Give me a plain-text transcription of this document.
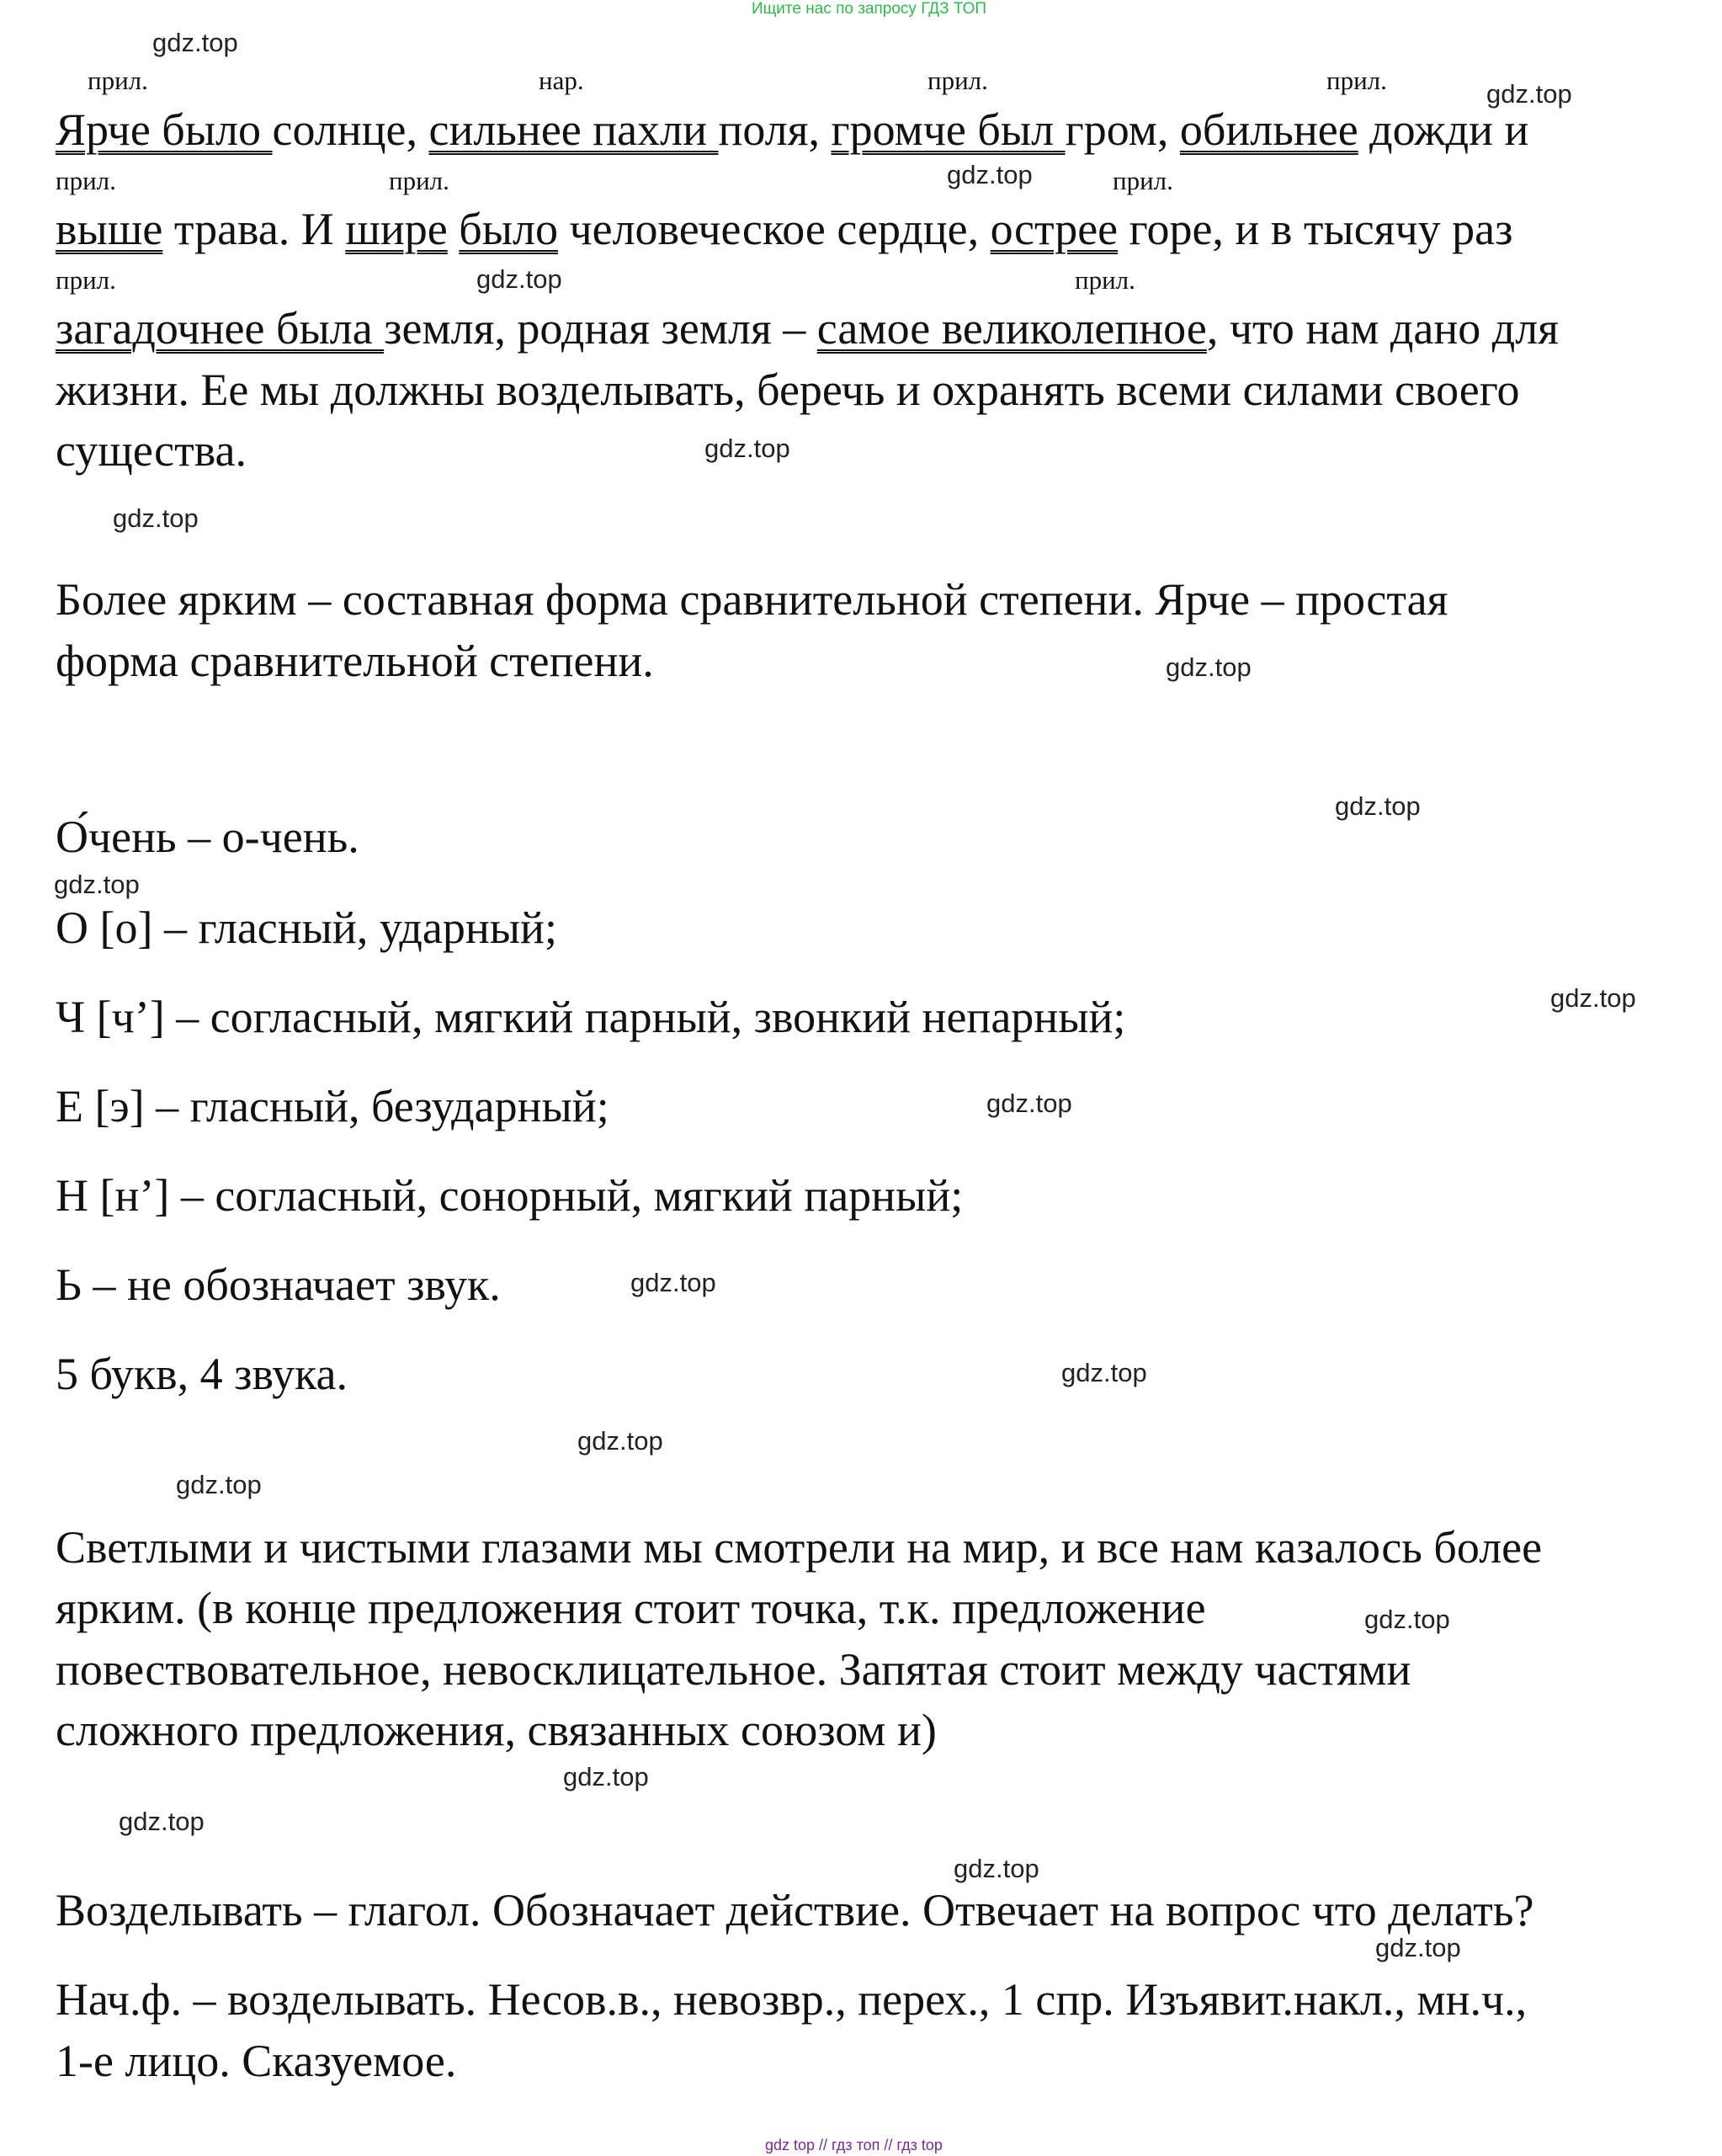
Ищите нас по запросу ГДЗ ТОП
прил.	нар.	прил.	прил.
Ярче было солнце, сильнее пахли поля, громче был гром, обильнее дожди и
прил.	прил.	прил.
выше трава. И шире было человеческое сердце, острее горе, и в тысячу раз
прил.	прил.
загадочнее была земля, родная земля – самое великолепное, что нам дано для
жизни. Ее мы должны возделывать, беречь и охранять всеми силами своего
существа.
Более ярким – составная форма сравнительной степени. Ярче – простая
форма сравнительной степени.
О́чень – о-чень.
О [о] – гласный, ударный;
Ч [ч’] – согласный, мягкий парный, звонкий непарный;
Е [э] – гласный, безударный;
Н [н’] – согласный, сонорный, мягкий парный;
Ь – не обозначает звук.
5 букв, 4 звука.
Светлыми и чистыми глазами мы смотрели на мир, и все нам казалось более
ярким. (в конце предложения стоит точка, т.к. предложение
повествовательное, невосклицательное. Запятая стоит между частями
сложного предложения, связанных союзом и)
Возделывать – глагол. Обозначает действие. Отвечает на вопрос что делать?
Нач.ф. – возделывать. Несов.в., невозвр., перех., 1 спр. Изъявит.накл., мн.ч.,
1-е лицо. Сказуемое.
gdz.top
gdz.top
gdz.top
gdz.top
gdz.top
gdz.top
gdz.top
gdz.top
gdz.top
gdz.top
gdz.top
gdz.top
gdz.top
gdz.top
gdz.top
gdz.top
gdz.top
gdz.top
gdz.top
gdz.top
gdz top // гдз топ // гдз top
